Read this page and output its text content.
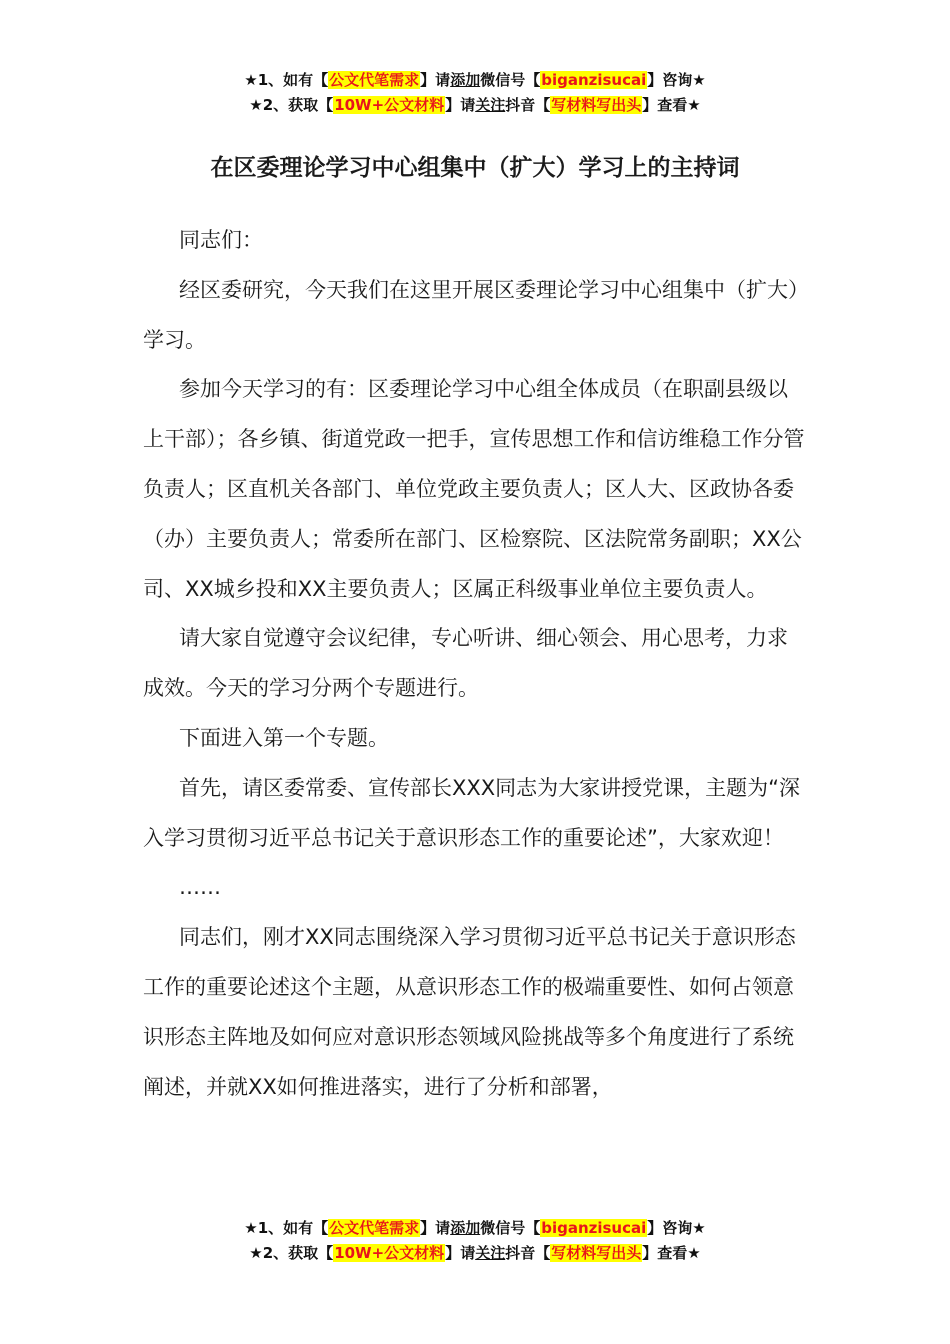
★1、如有【公文代笔需求】请添加微信号【biganzisucai】咨询★
★2、获取【10W+公文材料】请关注抖音【写材料写出头】查看★
在区委理论学习中心组集中（扩大）学习上的主持词

同志们：

经区委研究，今天我们在这里开展区委理论学习中心组集中（扩大）学习。

参加今天学习的有：区委理论学习中心组全体成员（在职副县级以上干部）；各乡镇、街道党政一把手，宣传思想工作和信访维稳工作分管负责人；区直机关各部门、单位党政主要负责人；区人大、区政协各委（办）主要负责人；常委所在部门、区检察院、区法院常务副职；XX公司、XX城乡投和XX主要负责人；区属正科级事业单位主要负责人。

请大家自觉遵守会议纪律，专心听讲、细心领会、用心思考，力求成效。今天的学习分两个专题进行。

下面进入第一个专题。

首先，请区委常委、宣传部长XXX同志为大家讲授党课，主题为“深入学习贯彻习近平总书记关于意识形态工作的重要论述”，大家欢迎！

……

同志们，刚才XX同志围绕深入学习贯彻习近平总书记关于意识形态工作的重要论述这个主题，从意识形态工作的极端重要性、如何占领意识形态主阵地及如何应对意识形态领域风险挑战等多个角度进行了系统阐述，并就XX如何推进落实，进行了分析和部署，

★1、如有【公文代笔需求】请添加微信号【biganzisucai】咨询★
★2、获取【10W+公文材料】请关注抖音【写材料写出头】查看★
